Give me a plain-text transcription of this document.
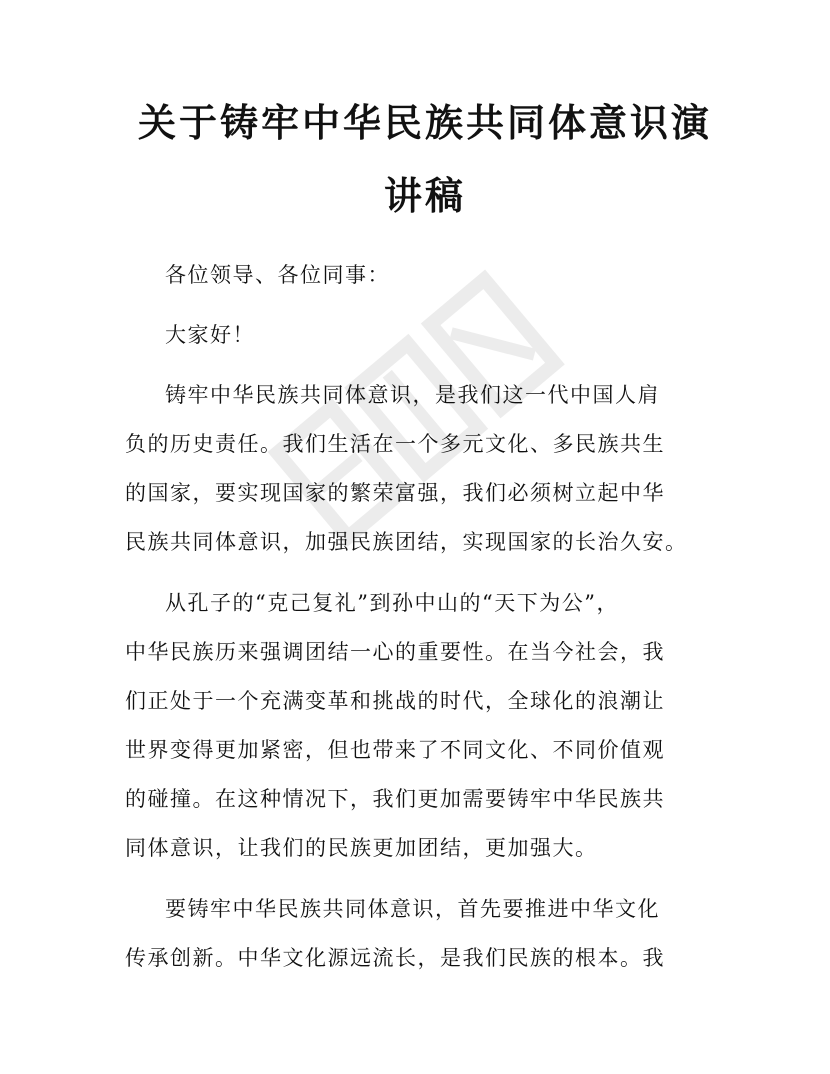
关于铸牢中华民族共同体意识演
讲稿
各位领导、各位同事：
大家好！
铸牢中华民族共同体意识，是我们这一代中国人肩
负的历史责任。我们生活在一个多元文化、多民族共生
的国家，要实现国家的繁荣富强，我们必须树立起中华
民族共同体意识，加强民族团结，实现国家的长治久安。
从孔子的“克己复礼”到孙中山的“天下为公”，
中华民族历来强调团结一心的重要性。在当今社会，我
们正处于一个充满变革和挑战的时代，全球化的浪潮让
世界变得更加紧密，但也带来了不同文化、不同价值观
的碰撞。在这种情况下，我们更加需要铸牢中华民族共
同体意识，让我们的民族更加团结，更加强大。
要铸牢中华民族共同体意识，首先要推进中华文化
传承创新。中华文化源远流长，是我们民族的根本。我
